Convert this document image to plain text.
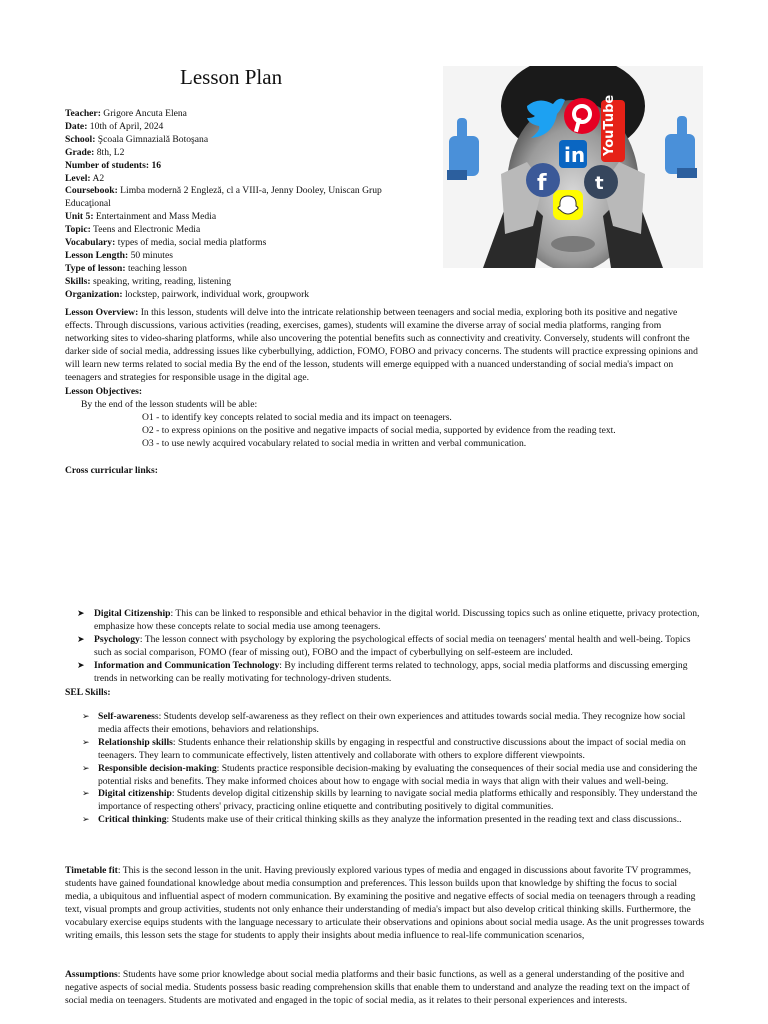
Lesson Plan

Teacher: Grigore Ancuta Elena

Date: 10th of April, 2024

School: Şcoala Gimnazială Botoşana

Grade: 8th, L2

Number of students: 16

Level: A2

Coursebook: Limba modernă 2 Engleză, cl a VIII-a, Jenny Dooley, Uniscan Grup Educaţional

Unit 5: Entertainment and Mass Media

Topic: Teens and Electronic Media

Vocabulary: types of media, social media platforms

Lesson Length: 50 minutes

Type of lesson: teaching lesson

Skills: speaking, writing, reading, listening

Organization: lockstep, pairwork, individual work, groupwork

YouTube
in
f	t

Lesson Overview: In this lesson, students will delve into the intricate relationship between teenagers and social media, exploring both its positive and negative effects. Through discussions, various activities (reading, exercises, games), students will examine the diverse array of social media platforms, ranging from networking sites to video-sharing platforms, while also uncovering the potential benefits such as connectivity and creativity. Conversely, students will confront the darker side of social media, addressing issues like cyberbullying, addiction, FOMO, FOBO and privacy concerns. The students will practice expressing opinions and will learn new terms related to social media By the end of the lesson, students will emerge equipped with a nuanced understanding of social media's impact on teenagers and strategies for responsible usage in the digital age.

Lesson Objectives:

By the end of the lesson students will be able:

O1 - to identify key concepts related to social media and its impact on teenagers.

O2 - to express opinions on the positive and negative impacts of social media, supported by evidence from the reading text.

O3 - to use newly acquired vocabulary related to social media in written and verbal communication.

Cross curricular links:
➤ Digital Citizenship: This can be linked to responsible and ethical behavior in the digital world. Discussing topics such as online etiquette, privacy protection, emphasize how these concepts relate to social media use among teenagers.
➤ Psychology: The lesson connect with psychology by exploring the psychological effects of social media on teenagers' mental health and well-being. Topics such as social comparison, FOMO (fear of missing out), FOBO and the impact of cyberbullying on self-esteem are included.
➤ Information and Communication Technology: By including different terms related to technology, apps, social media platforms and discussing emerging trends in networking can be really motivating for technology-driven students.
SEL Skills:
➢ Self-awareness: Students develop self-awareness as they reflect on their own experiences and attitudes towards social media. They recognize how social media affects their emotions, behaviors and relationships.
➢ Relationship skills: Students enhance their relationship skills by engaging in respectful and constructive discussions about the impact of social media on teenagers. They learn to communicate effectively, listen attentively and collaborate with others to explore different viewpoints.
➢ Responsible decision-making: Students practice responsible decision-making by evaluating the consequences of their social media use and considering the potential risks and benefits. They make informed choices about how to engage with social media in ways that align with their values and well-being.
➢ Digital citizenship: Students develop digital citizenship skills by learning to navigate social media platforms ethically and responsibly. They understand the importance of respecting others' privacy, practicing online etiquette and contributing positively to digital communities.
➢ Critical thinking: Students make use of their critical thinking skills as they analyze the information presented in the reading text and class discussions..

Timetable fit: This is the second lesson in the unit. Having previously explored various types of media and engaged in discussions about favorite TV programmes, students have gained foundational knowledge about media consumption and preferences. This lesson builds upon that knowledge by shifting the focus to social media, a ubiquitous and influential aspect of modern communication. By examining the positive and negative effects of social media on teenagers through a reading text, visual prompts and group activities, students not only enhance their understanding of media's impact but also develop critical thinking skills. Furthermore, the vocabulary exercise equips students with the language necessary to articulate their observations and opinions about social media usage. As the unit progresses towards writing emails, this lesson sets the stage for students to apply their insights about media influence to real-life communication scenarios,

Assumptions: Students have some prior knowledge about social media platforms and their basic functions, as well as a general understanding of the positive and negative aspects of social media. Students possess basic reading comprehension skills that enable them to understand and analyze the reading text on the impact of social media on teenagers. Students are motivated and engaged in the topic of social media, as it relates to their personal experiences and interests.
